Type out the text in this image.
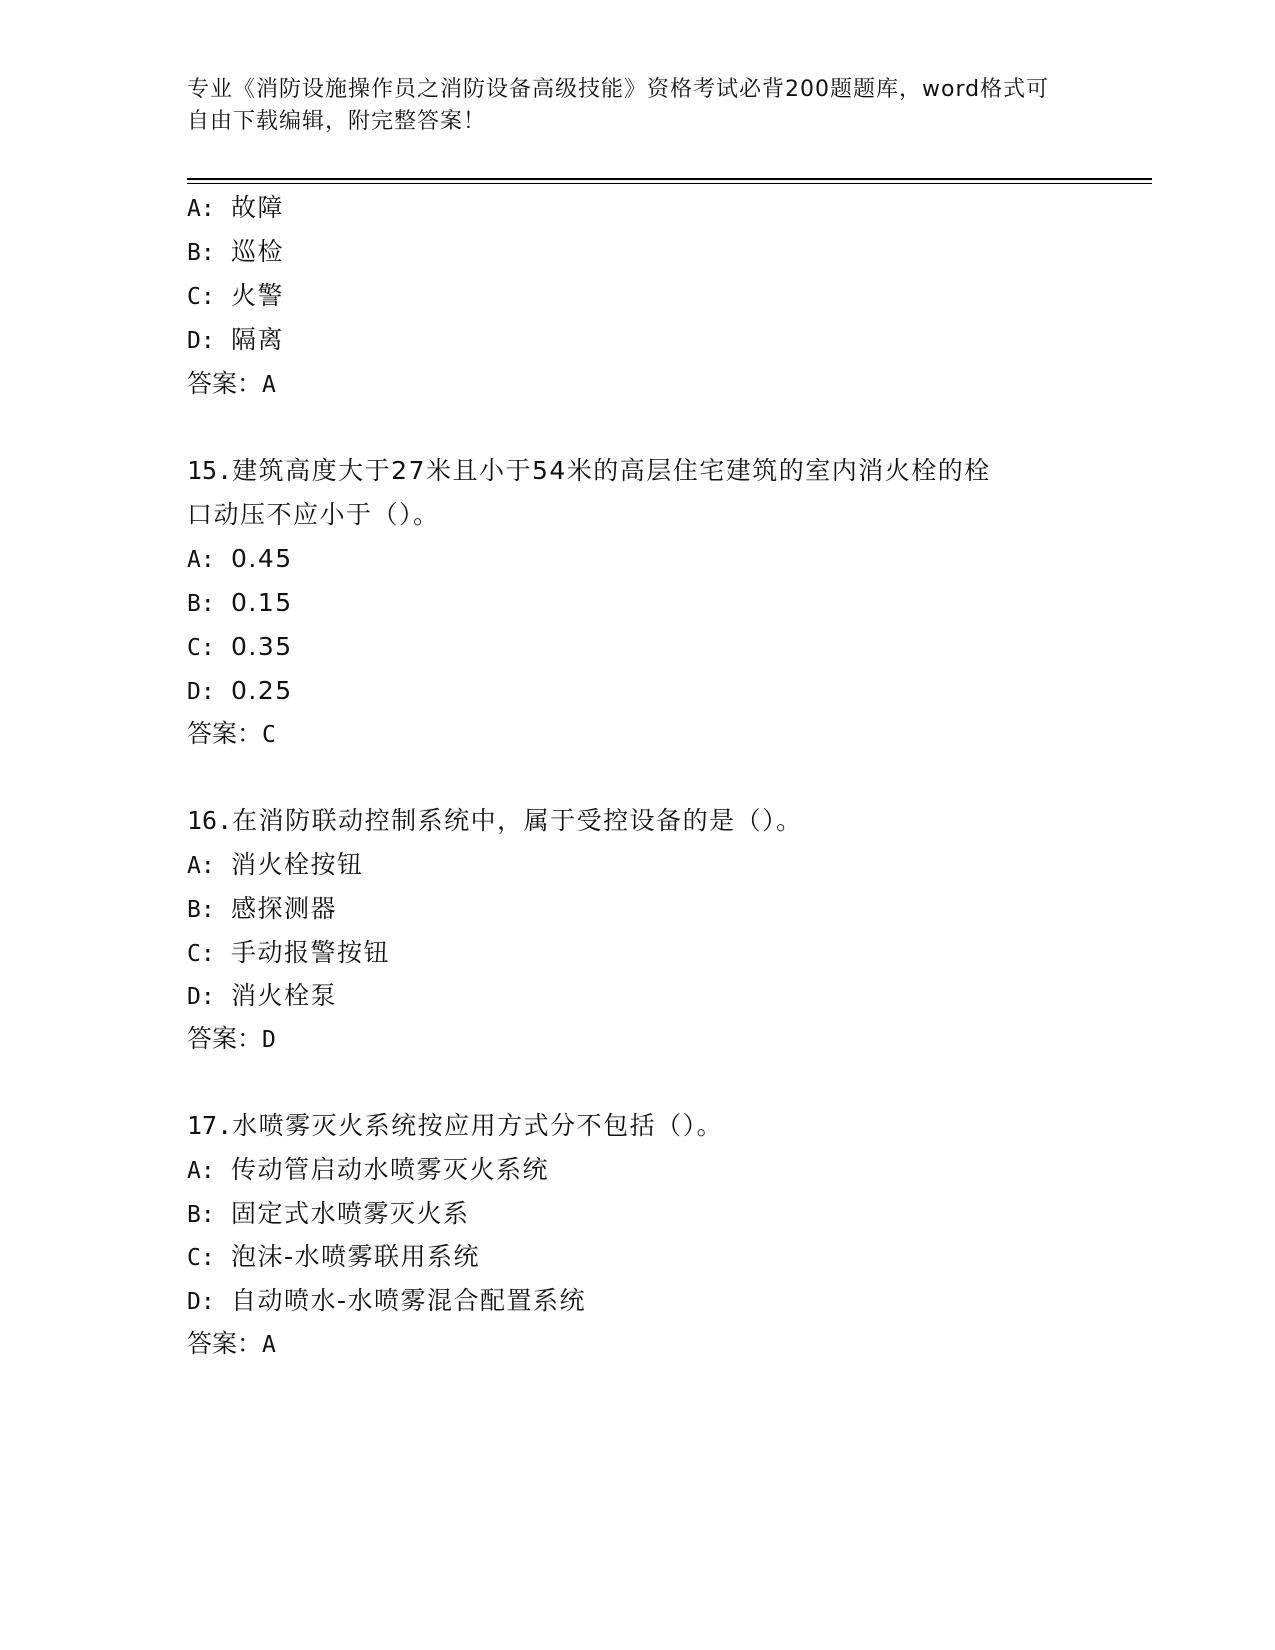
专业《消防设施操作员之消防设备高级技能》资格考试必背200题题库，word格式可自由下载编辑，附完整答案！
A: 故障
B: 巡检
C: 火警
D: 隔离
答案：A
15.建筑高度大于27米且小于54米的高层住宅建筑的室内消火栓的栓
口动压不应小于（）。
A: 0.45
B: 0.15
C: 0.35
D: 0.25
答案：C
16.在消防联动控制系统中，属于受控设备的是（）。
A: 消火栓按钮
B: 感探测器
C: 手动报警按钮
D: 消火栓泵
答案：D
17.水喷雾灭火系统按应用方式分不包括（）。
A: 传动管启动水喷雾灭火系统
B: 固定式水喷雾灭火系
C: 泡沫-水喷雾联用系统
D: 自动喷水-水喷雾混合配置系统
答案：A
